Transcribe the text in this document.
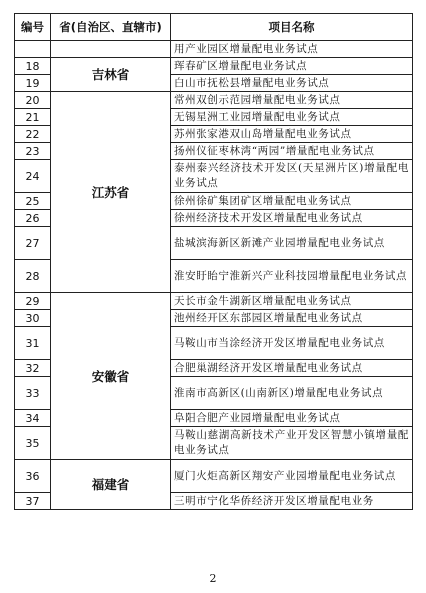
编号	省(自治区、直辖市)	项目名称
		用产业园区增量配电业务试点
18	吉林省	珲春矿区增量配电业务试点
19		白山市抚松县增量配电业务试点
20	江苏省	常州双创示范园增量配电业务试点
21		无锡星洲工业园增量配电业务试点
22		苏州张家港双山岛增量配电业务试点
23		扬州仪征枣林湾“两园”增量配电业务试点
24		泰州泰兴经济技术开发区(天星洲片区)增量配电业务试点
25		徐州徐矿集团矿区增量配电业务试点
26		徐州经济技术开发区增量配电业务试点
27		盐城滨海新区新滩产业园增量配电业务试点
28		淮安盱眙宁淮新兴产业科技园增量配电业务试点
29	安徽省	天长市金牛湖新区增量配电业务试点
30		池州经开区东部园区增量配电业务试点
31		马鞍山市当涂经济开发区增量配电业务试点
32		合肥巢湖经济开发区增量配电业务试点
33		淮南市高新区(山南新区)增量配电业务试点
34		阜阳合肥产业园增量配电业务试点
35		马鞍山慈湖高新技术产业开发区智慧小镇增量配电业务试点
36	福建省	厦门火炬高新区翔安产业园增量配电业务试点
37		三明市宁化华侨经济开发区增量配电业务
2
